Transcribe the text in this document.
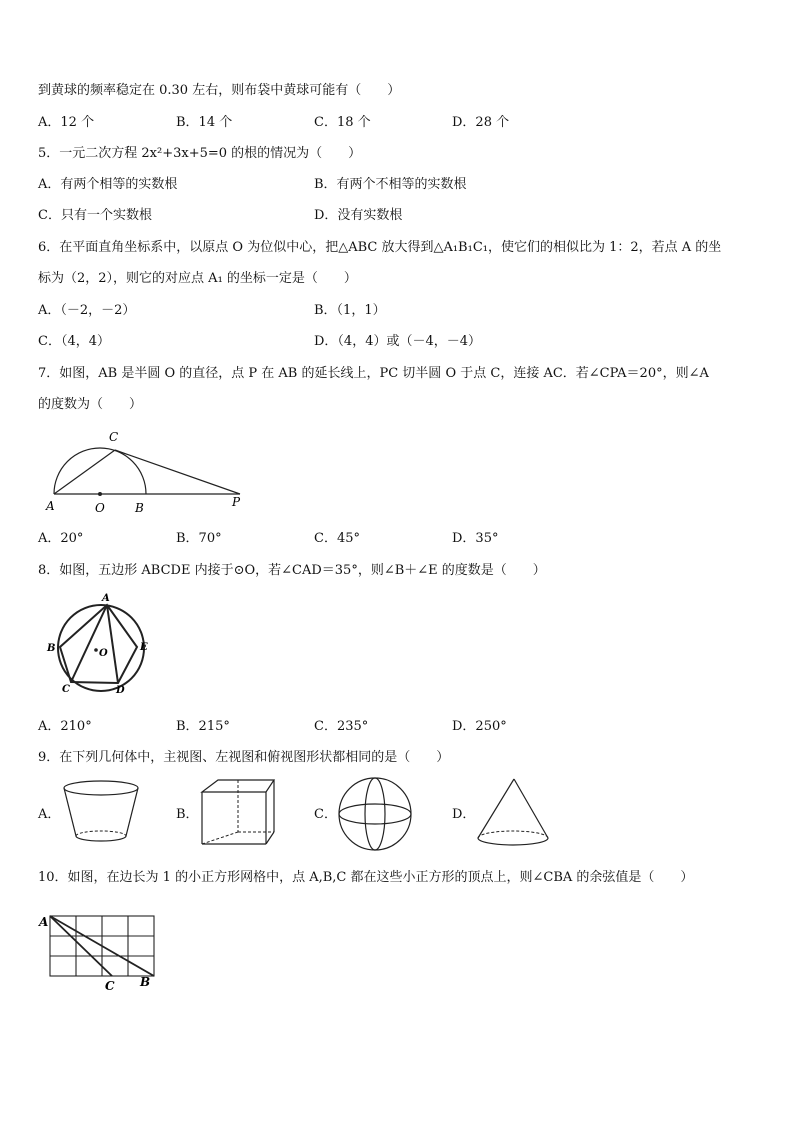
到黄球的频率稳定在 0.30 左右，则布袋中黄球可能有（　　）
A．12 个	B．14 个	C．18 个	D．28 个
5．一元二次方程 2x²+3x+5=0 的根的情况为（　　）
A．有两个相等的实数根	B．有两个不相等的实数根
C．只有一个实数根	D．没有实数根
6．在平面直角坐标系中，以原点 O 为位似中心，把△ABC 放大得到△A₁B₁C₁，使它们的相似比为 1：2，若点 A 的坐
标为（2，2），则它的对应点 A₁ 的坐标一定是（　　）
A．（－2，－2）	B．（1，1）
C．（4，4）	D．（4，4）或（－4，－4）
7．如图，AB 是半圆 O 的直径，点 P 在 AB 的延长线上，PC 切半圆 O 于点 C，连接 AC．若∠CPA＝20°，则∠A
的度数为（　　）
A	O	B	P
C
A．20°	B．70°	C．45°	D．35°
8．如图，五边形 ABCDE 内接于⊙O，若∠CAD＝35°，则∠B＋∠E 的度数是（　　）
A
B
C	D
E
O
A．210°	B．215°	C．235°	D．250°
9．在下列几何体中，主视图、左视图和俯视图形状都相同的是（　　）
A．	B．	C．	D．
10．如图，在边长为 1 的小正方形网格中，点 A,B,C 都在这些小正方形的顶点上，则∠CBA 的余弦值是（　　）
A
B
C
